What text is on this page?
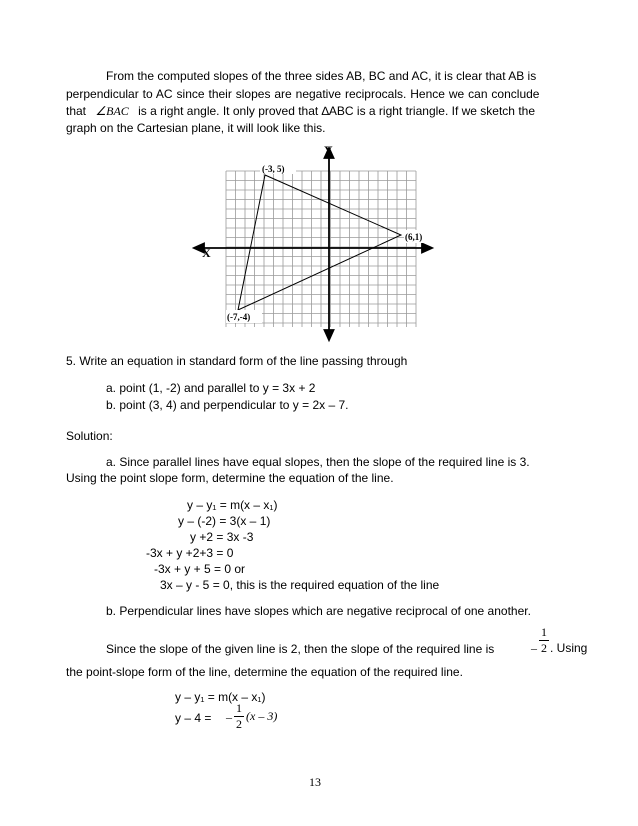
From the computed slopes of the three sides AB, BC and AC, it is clear that AB is
perpendicular to AC since their slopes are negative reciprocals. Hence we can conclude
that ∠BAC is a right angle. It only proved that ∆ABC is a right triangle. If we sketch the
graph on the Cartesian plane, it will look like this.
(-3, 5)
(6,1)
(-7,-4)
X
Y
5. Write an equation in standard form of the line passing through
a. point (1, -2) and parallel to y = 3x + 2
b. point (3, 4) and perpendicular to y = 2x – 7.
Solution:
a. Since parallel lines have equal slopes, then the slope of the required line is 3.
Using the point slope form, determine the equation of the line.
y – y₁ = m(x – x₁)
y – (-2) = 3(x – 1)
y +2 = 3x -3
-3x + y +2+3 = 0
-3x + y + 5 = 0 or
3x – y - 5 = 0, this is the required equation of the line
b. Perpendicular lines have slopes which are negative reciprocal of one another.
Since the slope of the given line is 2, then the slope of the required line is	–
1
2 . Using
the point-slope form of the line, determine the equation of the required line.
y – y₁ = m(x – x₁)
y – 4 = –
1
2
(x – 3)
13
